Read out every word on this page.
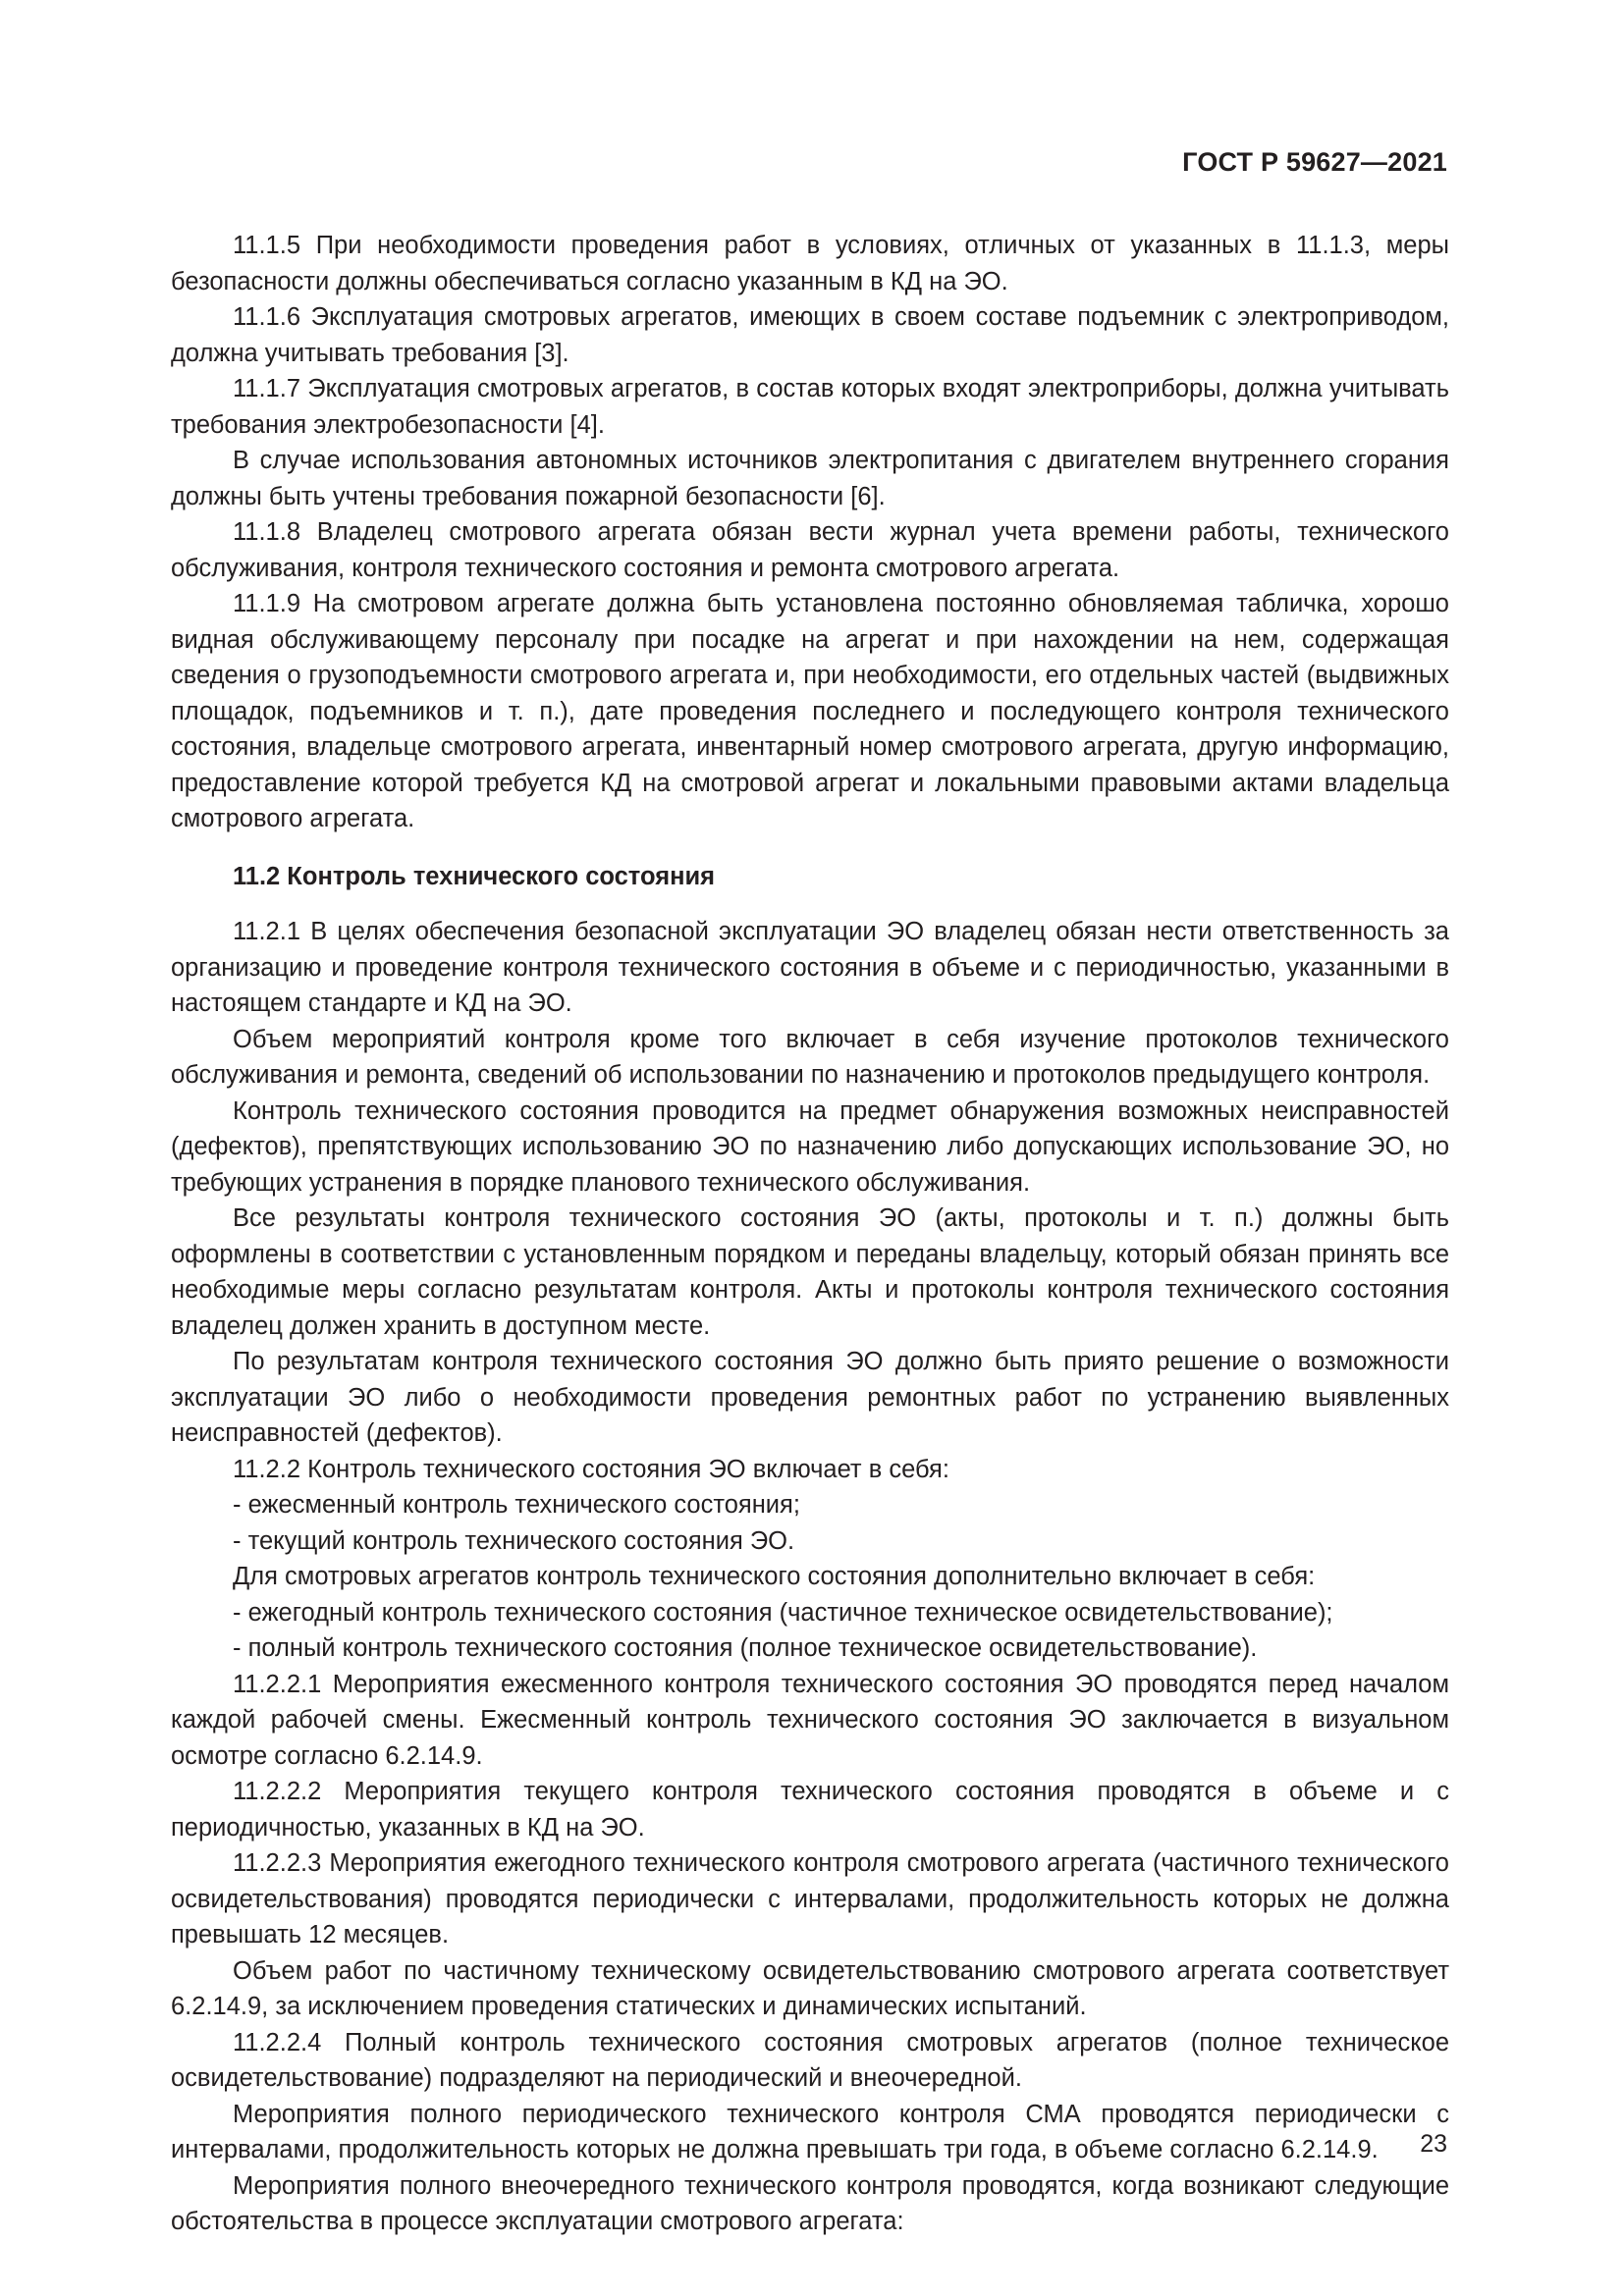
ГОСТ Р 59627—2021

11.1.5 При необходимости проведения работ в условиях, отличных от указанных в 11.1.3, меры безопасности должны обеспечиваться согласно указанным в КД на ЭО.

11.1.6 Эксплуатация смотровых агрегатов, имеющих в своем составе подъемник с электроприводом, должна учитывать требования [3].

11.1.7 Эксплуатация смотровых агрегатов, в состав которых входят электроприборы, должна учитывать требования электробезопасности [4].

В случае использования автономных источников электропитания с двигателем внутреннего сгорания должны быть учтены требования пожарной безопасности [6].

11.1.8 Владелец смотрового агрегата обязан вести журнал учета времени работы, технического обслуживания, контроля технического состояния и ремонта смотрового агрегата.

11.1.9 На смотровом агрегате должна быть установлена постоянно обновляемая табличка, хорошо видная обслуживающему персоналу при посадке на агрегат и при нахождении на нем, содержащая сведения о грузоподъемности смотрового агрегата и, при необходимости, его отдельных частей (выдвижных площадок, подъемников и т. п.), дате проведения последнего и последующего контроля технического состояния, владельце смотрового агрегата, инвентарный номер смотрового агрегата, другую информацию, предоставление которой требуется КД на смотровой агрегат и локальными правовыми актами владельца смотрового агрегата.

11.2 Контроль технического состояния

11.2.1 В целях обеспечения безопасной эксплуатации ЭО владелец обязан нести ответственность за организацию и проведение контроля технического состояния в объеме и с периодичностью, указанными в настоящем стандарте и КД на ЭО.

Объем мероприятий контроля кроме того включает в себя изучение протоколов технического обслуживания и ремонта, сведений об использовании по назначению и протоколов предыдущего контроля.

Контроль технического состояния проводится на предмет обнаружения возможных неисправностей (дефектов), препятствующих использованию ЭО по назначению либо допускающих использование ЭО, но требующих устранения в порядке планового технического обслуживания.

Все результаты контроля технического состояния ЭО (акты, протоколы и т. п.) должны быть оформлены в соответствии с установленным порядком и переданы владельцу, который обязан принять все необходимые меры согласно результатам контроля. Акты и протоколы контроля технического состояния владелец должен хранить в доступном месте.

По результатам контроля технического состояния ЭО должно быть приято решение о возможности эксплуатации ЭО либо о необходимости проведения ремонтных работ по устранению выявленных неисправностей (дефектов).

11.2.2 Контроль технического состояния ЭО включает в себя:

- ежесменный контроль технического состояния;

- текущий контроль технического состояния ЭО.

Для смотровых агрегатов контроль технического состояния дополнительно включает в себя:

- ежегодный контроль технического состояния (частичное техническое освидетельствование);

- полный контроль технического состояния (полное техническое освидетельствование).

11.2.2.1 Мероприятия ежесменного контроля технического состояния ЭО проводятся перед началом каждой рабочей смены. Ежесменный контроль технического состояния ЭО заключается в визуальном осмотре согласно 6.2.14.9.

11.2.2.2 Мероприятия текущего контроля технического состояния проводятся в объеме и с периодичностью, указанных в КД на ЭО.

11.2.2.3 Мероприятия ежегодного технического контроля смотрового агрегата (частичного технического освидетельствования) проводятся периодически с интервалами, продолжительность которых не должна превышать 12 месяцев.

Объем работ по частичному техническому освидетельствованию смотрового агрегата соответствует 6.2.14.9, за исключением проведения статических и динамических испытаний.

11.2.2.4 Полный контроль технического состояния смотровых агрегатов (полное техническое освидетельствование) подразделяют на периодический и внеочередной.

Мероприятия полного периодического технического контроля СМА проводятся периодически с интервалами, продолжительность которых не должна превышать три года, в объеме согласно 6.2.14.9.

Мероприятия полного внеочередного технического контроля проводятся, когда возникают следующие обстоятельства в процессе эксплуатации смотрового агрегата:

23
